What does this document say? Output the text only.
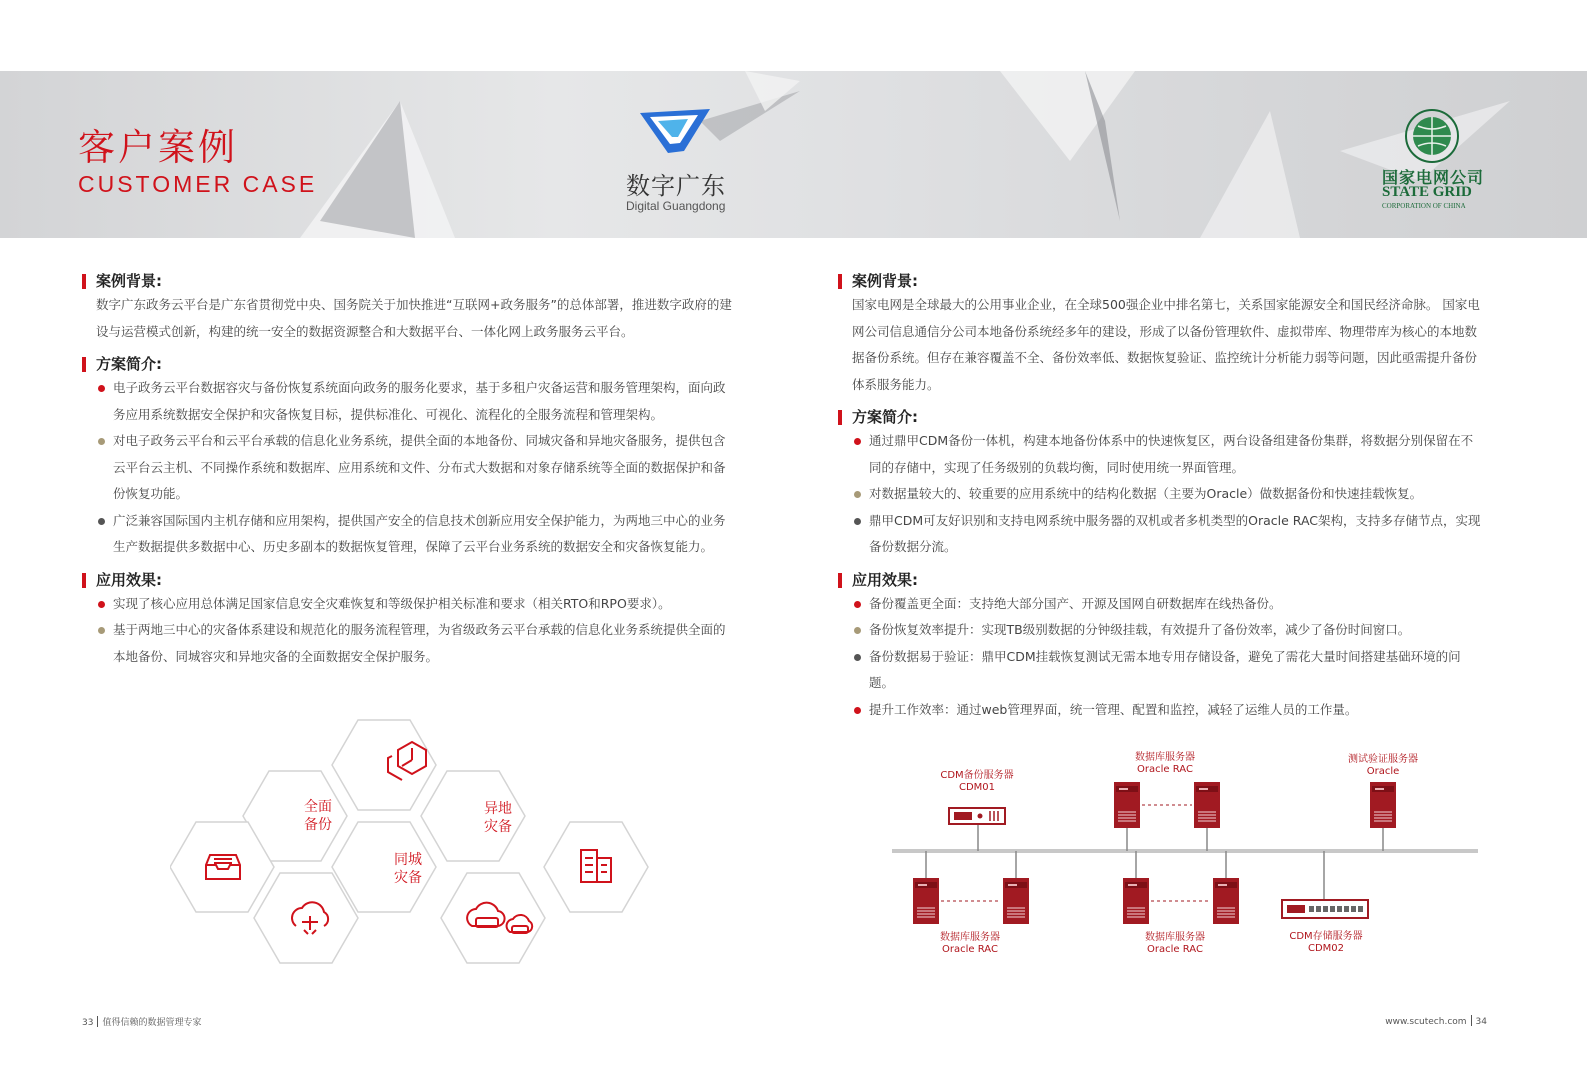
客户案例
CUSTOMER CASE	数字广东
Digital Guangdong
国家电网公司
STATE GRID
CORPORATION OF CHINA
案例背景:

数字广东政务云平台是广东省贯彻党中央、国务院关于加快推进“互联网+政务服务”的总体部署，推进数字政府的建设与运营模式创新，构建的统一安全的数据资源整合和大数据平台、一体化网上政务服务云平台。

方案简介:
电子政务云平台数据容灾与备份恢复系统面向政务的服务化要求，基于多租户灾备运营和服务管理架构，面向政务应用系统数据安全保护和灾备恢复目标，提供标准化、可视化、流程化的全服务流程和管理架构。
对电子政务云平台和云平台承载的信息化业务系统，提供全面的本地备份、同城灾备和异地灾备服务，提供包含云平台云主机、不同操作系统和数据库、应用系统和文件、分布式大数据和对象存储系统等全面的数据保护和备份恢复功能。
广泛兼容国际国内主机存储和应用架构，提供国产安全的信息技术创新应用安全保护能力，为两地三中心的业务生产数据提供多数据中心、历史多副本的数据恢复管理，保障了云平台业务系统的数据安全和灾备恢复能力。
应用效果:
实现了核心应用总体满足国家信息安全灾难恢复和等级保护相关标准和要求（相关RTO和RPO要求）。
基于两地三中心的灾备体系建设和规范化的服务流程管理，为省级政务云平台承载的信息化业务系统提供全面的本地备份、同城容灾和异地灾备的全面数据安全保护服务。
全面
备份
异地
灾备
同城
灾备
案例背景:

国家电网是全球最大的公用事业企业，在全球500强企业中排名第七，关系国家能源安全和国民经济命脉。 国家电网公司信息通信分公司本地备份系统经多年的建设，形成了以备份管理软件、虚拟带库、物理带库为核心的本地数据备份系统。但存在兼容覆盖不全、备份效率低、数据恢复验证、监控统计分析能力弱等问题，因此亟需提升备份体系服务能力。

方案简介:
通过鼎甲CDM备份一体机，构建本地备份体系中的快速恢复区，两台设备组建备份集群，将数据分别保留在不同的存储中，实现了任务级别的负载均衡，同时使用统一界面管理。
对数据量较大的、较重要的应用系统中的结构化数据（主要为Oracle）做数据备份和快速挂载恢复。
鼎甲CDM可友好识别和支持电网系统中服务器的双机或者多机类型的Oracle RAC架构，支持多存储节点，实现备份数据分流。
应用效果:
备份覆盖更全面：支持绝大部分国产、开源及国网自研数据库在线热备份。
备份恢复效率提升：实现TB级别数据的分钟级挂载，有效提升了备份效率，减少了备份时间窗口。
备份数据易于验证：鼎甲CDM挂载恢复测试无需本地专用存储设备，避免了需花大量时间搭建基础环境的问题。
提升工作效率：通过web管理界面，统一管理、配置和监控，减轻了运维人员的工作量。
CDM备份服务器
CDM01
数据库服务器
Oracle RAC
测试验证服务器
Oracle
数据库服务器
Oracle RAC
数据库服务器
Oracle RAC
CDM存储服务器
CDM02
33 值得信赖的数据管理专家	www.scutech.com 34
